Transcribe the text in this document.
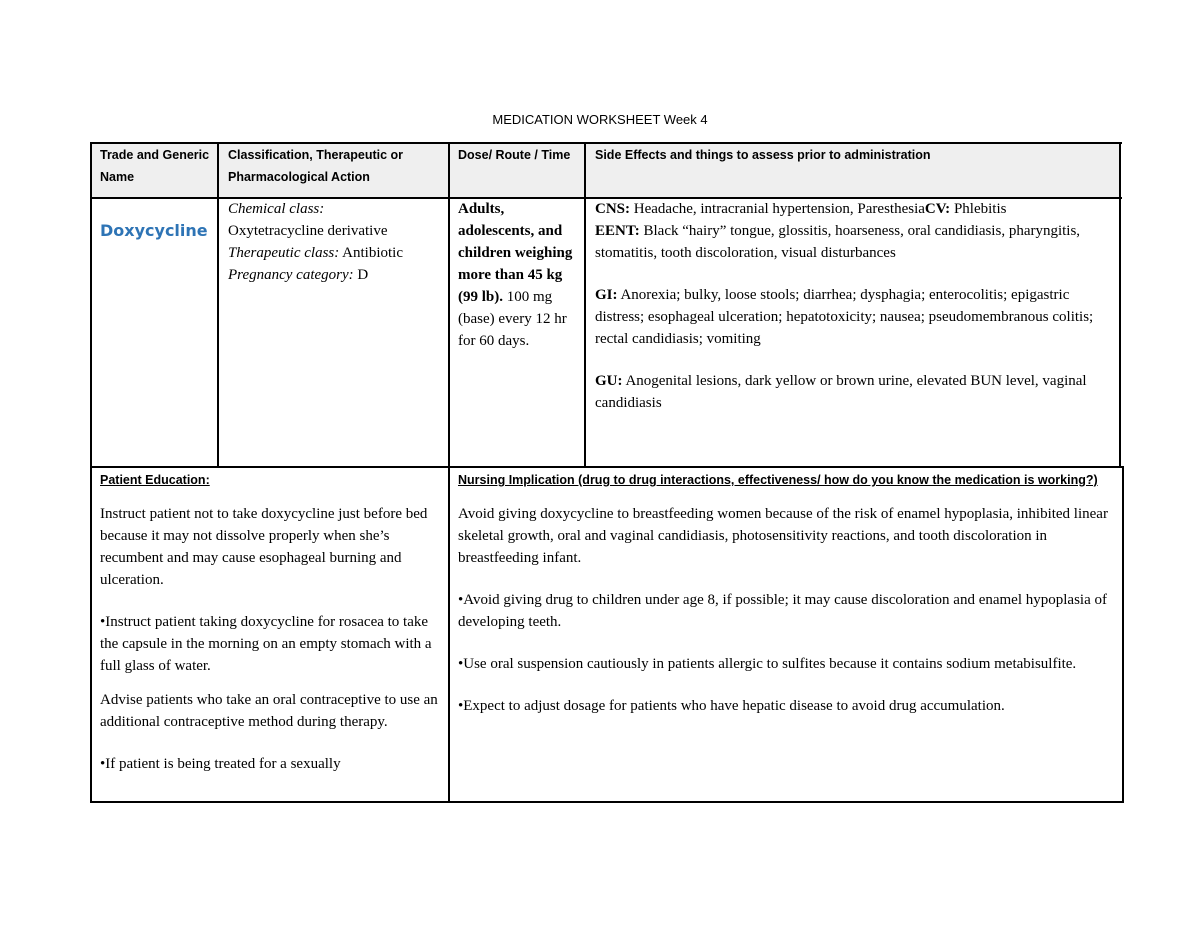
MEDICATION WORKSHEET Week 4
Trade and Generic Name
Classification, Therapeutic or Pharmacological Action
Dose/ Route / Time	Side Effects and things to assess prior to administration
Doxycycline

Chemical class:

Oxytetracycline derivative

Therapeutic class: Antibiotic

Pregnancy category: D

Adults, adolescents, and children weighing more than 45 kg (99 lb). 100 mg (base) every 12 hr for 60 days.

CNS: Headache, intracranial hypertension, ParesthesiaCV: Phlebitis

EENT: Black “hairy” tongue, glossitis, hoarseness, oral candidiasis, pharyngitis, stomatitis, tooth discoloration, visual disturbances

GI: Anorexia; bulky, loose stools; diarrhea; dysphagia; enterocolitis; epigastric distress; esophageal ulceration; hepatotoxicity; nausea; pseudomembranous colitis; rectal candidiasis; vomiting

GU: Anogenital lesions, dark yellow or brown urine, elevated BUN level, vaginal candidiasis

Patient Education:

Instruct patient not to take doxycycline just before bed because it may not dissolve properly when she’s recumbent and may cause esophageal burning and ulceration.

•Instruct patient taking doxycycline for rosacea to take the capsule in the morning on an empty stomach with a full glass of water.

Advise patients who take an oral contraceptive to use an additional contraceptive method during therapy.

•If patient is being treated for a sexually

Nursing Implication (drug to drug interactions, effectiveness/ how do you know the medication is working?)

Avoid giving doxycycline to breastfeeding women because of the risk of enamel hypoplasia, inhibited linear skeletal growth, oral and vaginal candidiasis, photosensitivity reactions, and tooth discoloration in breastfeeding infant.

•Avoid giving drug to children under age 8, if possible; it may cause discoloration and enamel hypoplasia of developing teeth.

•Use oral suspension cautiously in patients allergic to sulfites because it contains sodium metabisulfite.

•Expect to adjust dosage for patients who have hepatic disease to avoid drug accumulation.
